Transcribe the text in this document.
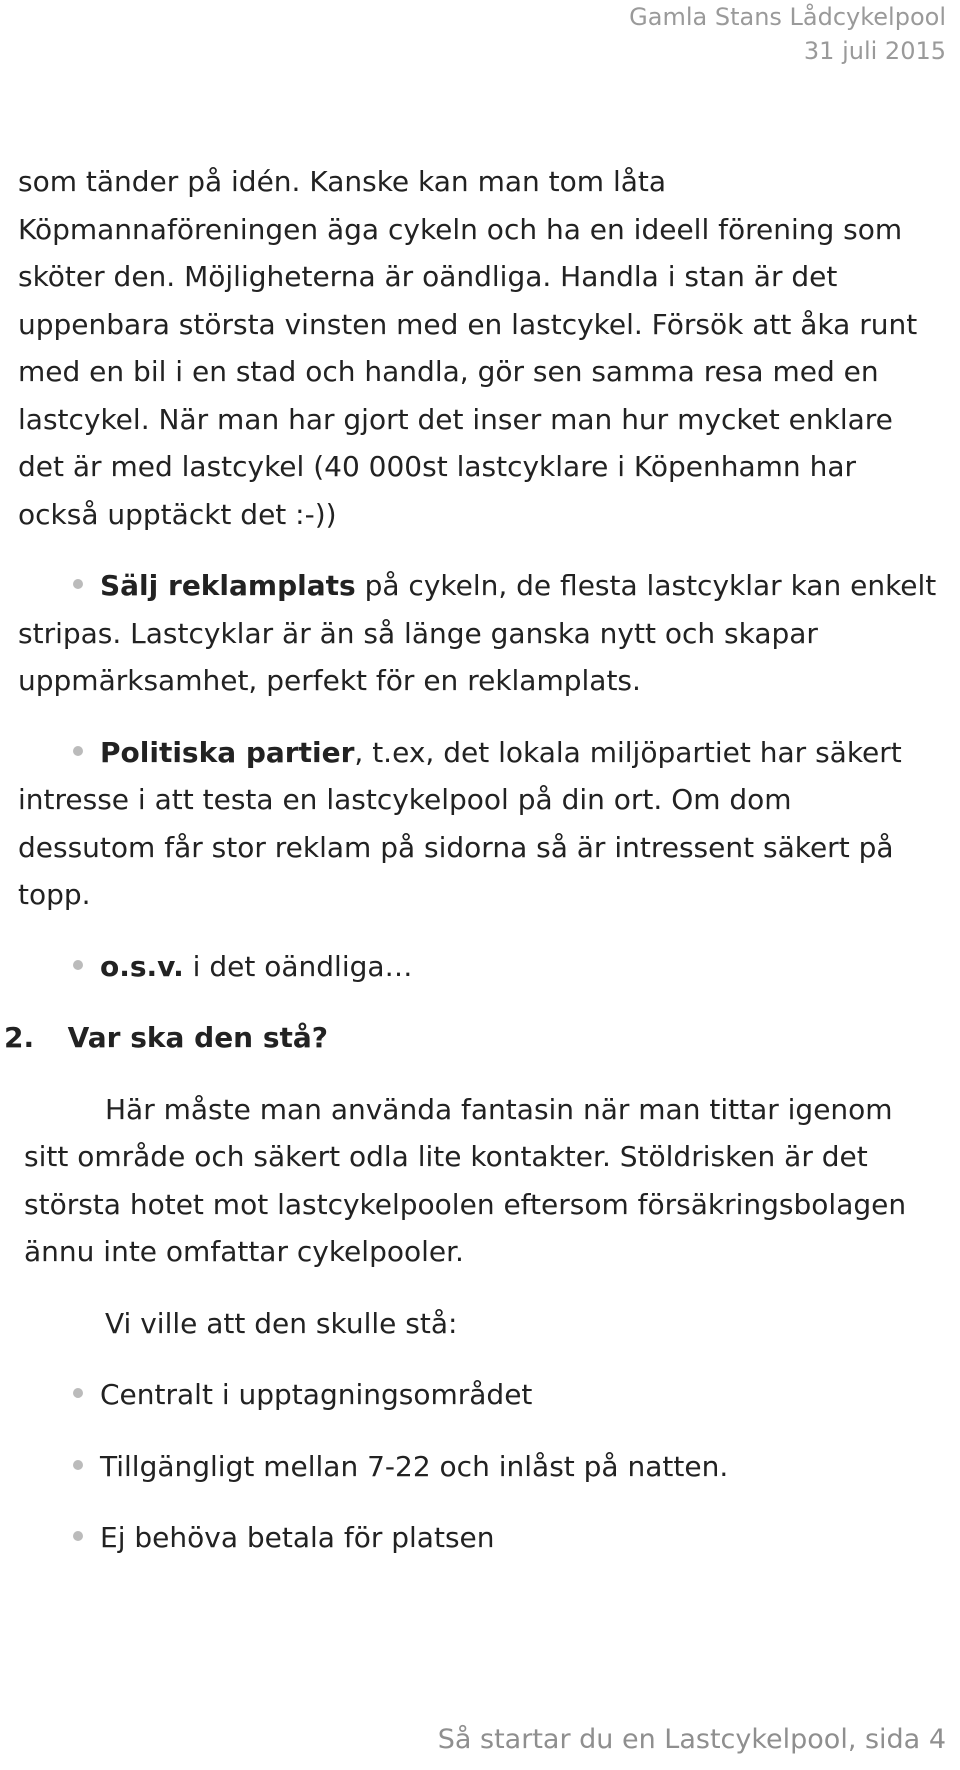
Gamla Stans Lådcykelpool
31 juli 2015
som tänder på idén. Kanske kan man tom låta
Köpmannaföreningen äga cykeln och ha en ideell förening som
sköter den. Möjligheterna är oändliga. Handla i stan är det
uppenbara största vinsten med en lastcykel. Försök att åka runt
med en bil i en stad och handla, gör sen samma resa med en
lastcykel. När man har gjort det inser man hur mycket enklare
det är med lastcykel (40 000st lastcyklare i Köpenhamn har
också upptäckt det :-))
Sälj reklamplats på cykeln, de flesta lastcyklar kan enkelt
stripas. Lastcyklar är än så länge ganska nytt och skapar
uppmärksamhet, perfekt för en reklamplats.
Politiska partier, t.ex, det lokala miljöpartiet har säkert
intresse i att testa en lastcykelpool på din ort. Om dom
dessutom får stor reklam på sidorna så är intressent säkert på
topp.
o.s.v. i det oändliga…
2. Var ska den stå?
Här måste man använda fantasin när man tittar igenom
sitt område och säkert odla lite kontakter. Stöldrisken är det
största hotet mot lastcykelpoolen eftersom försäkringsbolagen
ännu inte omfattar cykelpooler.
Vi ville att den skulle stå:
Centralt i upptagningsområdet
Tillgängligt mellan 7-22 och inlåst på natten.
Ej behöva betala för platsen
Så startar du en Lastcykelpool, sida 4
